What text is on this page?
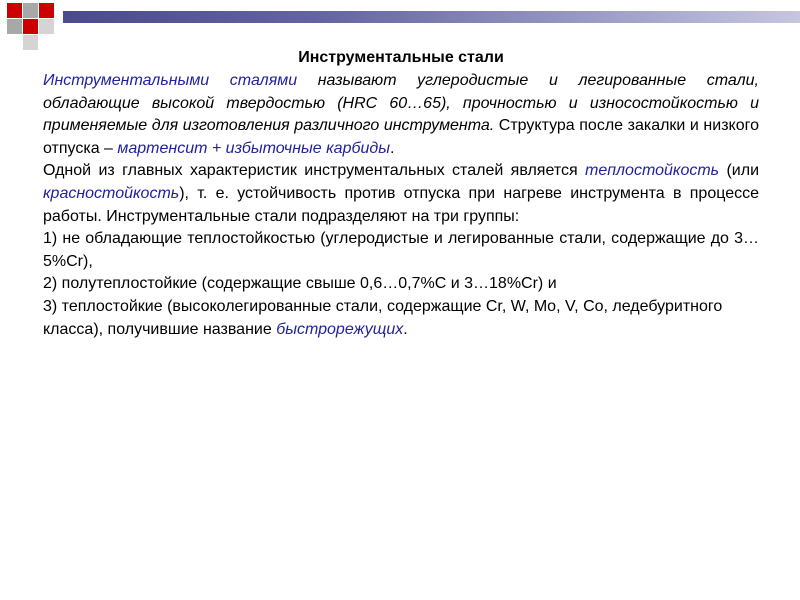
Инструментальные стали

Инструментальными сталями называют углеродистые и легированные стали, обладающие высокой твердостью (HRC 60…65), прочностью и износостойкостью и применяемые для изготовления различного инструмента. Структура после закалки и низкого отпуска – мартенсит + избыточные карбиды.

Одной из главных характеристик инструментальных сталей является теплостойкость (или красностойкость), т. е. устойчивость против отпуска при нагреве инструмента в процессе работы. Инструментальные стали подразделяют на три группы:

1) не обладающие теплостойкостью (углеродистые и легированные стали, содержащие до 3…5%Cr),

2) полутеплостойкие (содержащие свыше 0,6…0,7%С и 3…18%Cr) и

3) теплостойкие (высоколегированные стали, содержащие Cr, W, Mo, V, Co, ледебуритного класса), получившие название быстрорежущих.
